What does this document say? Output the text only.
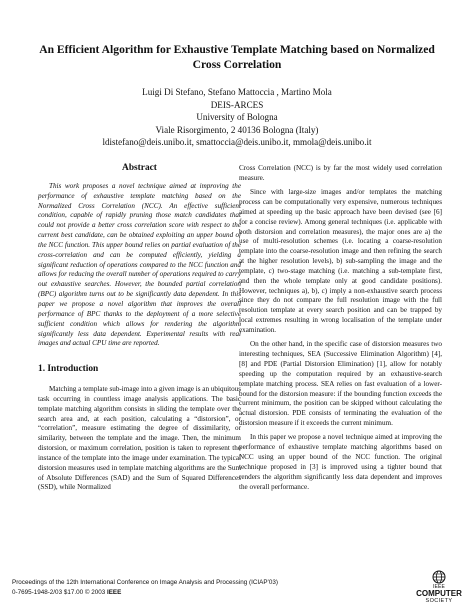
An Efficient Algorithm for Exhaustive Template Matching based on Normalized Cross Correlation
Luigi Di Stefano, Stefano Mattoccia , Martino Mola
DEIS-ARCES
University of Bologna
Viale Risorgimento, 2 40136 Bologna (Italy)
ldistefano@deis.unibo.it, smattoccia@deis.unibo.it, mmola@deis.unibo.it
Abstract

This work proposes a novel technique aimed at improving the performance of exhaustive template matching based on the Normalized Cross Correlation (NCC). An effective sufficient condition, capable of rapidly pruning those match candidates that could not provide a better cross correlation score with respect to the current best candidate, can be obtained exploiting an upper bound of the NCC function. This upper bound relies on partial evaluation of the cross-correlation and can be computed efficiently, yielding a significant reduction of operations compared to the NCC function and allows for reducing the overall number of operations required to carry out exhaustive searches. However, the bounded partial correlation (BPC) algorithm turns out to be significantly data dependent. In this paper we propose a novel algorithm that improves the overall performance of BPC thanks to the deployment of a more selective sufficient condition which allows for rendering the algorithm significantly less data dependent. Experimental results with real images and actual CPU time are reported.

1. Introduction

Matching a template sub-image into a given image is an ubiquitous task occurring in countless image analysis applications. The basic template matching algorithm consists in sliding the template over the search area and, at each position, calculating a “distorsion”, or “correlation”, measure estimating the degree of dissimilarity, or similarity, between the template and the image. Then, the minimum distorsion, or maximum correlation, position is taken to represent the instance of the template into the image under examination. The typical distorsion measures used in template matching algorithms are the Sum of Absolute Differences (SAD) and the Sum of Squared Differences (SSD), while Normalized

Cross Correlation (NCC) is by far the most widely used correlation measure.

Since with large-size images and/or templates the matching process can be computationally very expensive, numerous techniques aimed at speeding up the basic approach have been devised (see [6] for a concise review). Among general techniques (i.e. applicable with both distorsion and correlation measures), the major ones are a) the use of multi-resolution schemes (i.e. locating a coarse-resolution template into the coarse-resolution image and then refining the search at the higher resolution levels), b) sub-sampling the image and the template, c) two-stage matching (i.e. matching a sub-template first, and then the whole template only at good candidate positions). However, techniques a), b), c) imply a non-exhaustive search process since they do not compare the full resolution image with the full resolution template at every search position and can be trapped by local extremes resulting in wrong localisation of the template under examination.

On the other hand, in the specific case of distorsion measures two interesting techniques, SEA (Successive Elimination Algorithm) [4], [8] and PDE (Partial Distorsion Elimination) [1], allow for notably speeding up the computation required by an exhaustive-search template matching process. SEA relies on fast evaluation of a lower-bound for the distorsion measure: if the bounding function exceeds the current minimum, the position can be skipped without calculating the actual distorsion. PDE consists of terminating the evaluation of the distorsion measure if it exceeds the current minimum.

In this paper we propose a novel technique aimed at improving the performance of exhaustive template matching algorithms based on NCC using an upper bound of the NCC function. The original technique proposed in [3] is improved using a tighter bound that renders the algorithm significantly less data dependent and improves the overall performance.

Proceedings of the 12th International Conference on Image Analysis and Processing (ICIAP’03)
0-7695-1948-2/03 $17.00 © 2003 IEEE
IEEE
COMPUTER
SOCIETY
